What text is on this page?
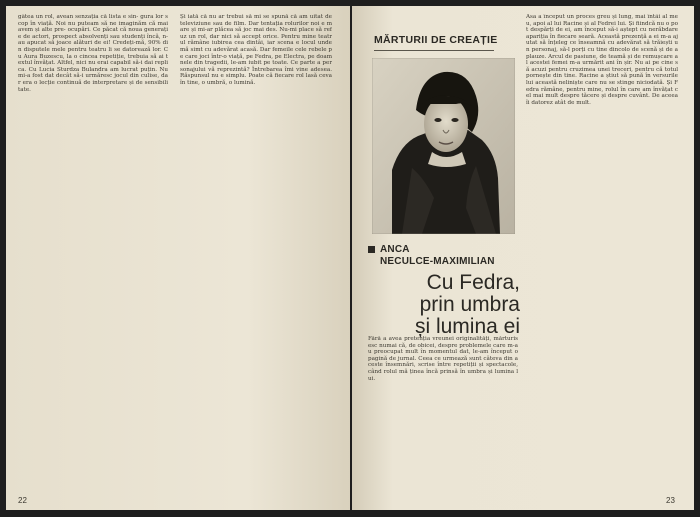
gâtea un rol, avean senzația că lista e sin- gura lor scop în viață. Noi nu puteam să ne imaginăm că mai avem și alte pre- ocupări. Ce păcat că noua generație de actori, prospect absolvenți sau studenți încă, n-au apucat să joace alături de ei! Credeți-mă, 90% din disputele mele pentru teatru li se datorează lor. Cu Aura Buzescu, la o cincea repetiție, trebuia să ai textul învățat. Altfel, nici nu erai capabil să-i dai replica. Cu Lucia Sturdza Bulandra am lucrat puțin. Nu mi-a fost dat decât să-i urmăresc jocul din culise, dar era o lecție continuă de interpretare și de sensibilitate.
Și iată că nu ar trebui să mi se spună că am uitat de televiziune sau de film. Dar tentația rolurilor noi e mare și mi-ar plăcea să joc mai des. Nu-mi place să refuz un rol, dar nici să accept orice. Pentru mine teatrul rămâne iubirea cea dintâi, iar scena e locul unde mă simt cu adevărat acasă. Dar femeile cele rebele pe care joci într-o viață, pe Fedra, pe Electra, pe doamnele din tragedii, le-am iubit pe toate. Ce parte a personajului vă reprezintă? Întrebarea îmi vine adesea. Răspunsul nu e simplu. Poate că fiecare rol lasă ceva în tine, o umbră, o lumină.
22
MĂRTURII DE CREAȚIE
ANCA
NECULCE-MAXIMILIAN
Cu Fedra,
prin umbra
și lumina ei
Asa a început un proces greu și lung, mai întâi al meu, apoi al lui Racine și al Fedrei lui. Și fiindcă nu o pot despărți de ei, am început să-i aștept cu nerăbdare apariția în fiecare seară. Această prezență a ei m-a ajutat să înțeleg ce înseamnă cu adevărat să trăiești un personaj, să-l porți cu tine dincolo de scenă și de aplauze. Arcul de pasiune, de teamă și de remușcare al acestei femei m-a urmărit ani în șir. Nu ai pe cine să acuzi pentru cruzimea unei treceri, pentru că totul pornește din tine. Racine a știut să pună în versurile lui această neliniște care nu se stinge niciodată. Și Fedra rămâne, pentru mine, rolul în care am învățat cel mai mult despre tăcere și despre cuvânt. De aceea îi datorez atât de mult.
Fără a avea pretenția vreunei originalități, mărturisesc numai că, de obicei, despre problemele care m-au preocupat mult în momentul dat, le-am început o pagină de jurnal. Ceea ce urmează sunt câteva din aceste însemnări, scrise între repetiții și spectacole, când rolul mă ținea încă prinsă în umbra și lumina lui.
23
